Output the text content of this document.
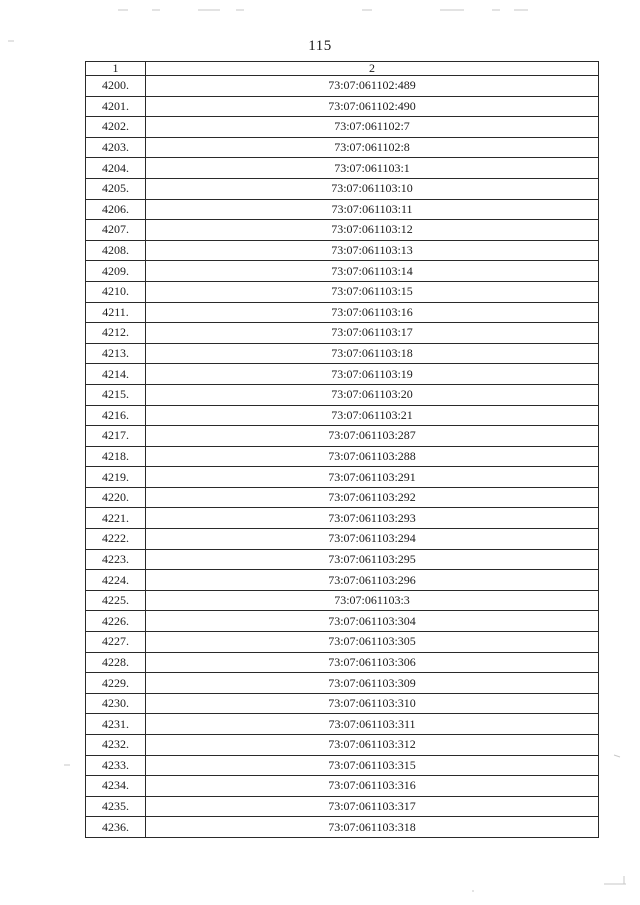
115
1	2
4200.	73:07:061102:489
4201.	73:07:061102:490
4202.	73:07:061102:7
4203.	73:07:061102:8
4204.	73:07:061103:1
4205.	73:07:061103:10
4206.	73:07:061103:11
4207.	73:07:061103:12
4208.	73:07:061103:13
4209.	73:07:061103:14
4210.	73:07:061103:15
4211.	73:07:061103:16
4212.	73:07:061103:17
4213.	73:07:061103:18
4214.	73:07:061103:19
4215.	73:07:061103:20
4216.	73:07:061103:21
4217.	73:07:061103:287
4218.	73:07:061103:288
4219.	73:07:061103:291
4220.	73:07:061103:292
4221.	73:07:061103:293
4222.	73:07:061103:294
4223.	73:07:061103:295
4224.	73:07:061103:296
4225.	73:07:061103:3
4226.	73:07:061103:304
4227.	73:07:061103:305
4228.	73:07:061103:306
4229.	73:07:061103:309
4230.	73:07:061103:310
4231.	73:07:061103:311
4232.	73:07:061103:312
4233.	73:07:061103:315
4234.	73:07:061103:316
4235.	73:07:061103:317
4236.	73:07:061103:318
